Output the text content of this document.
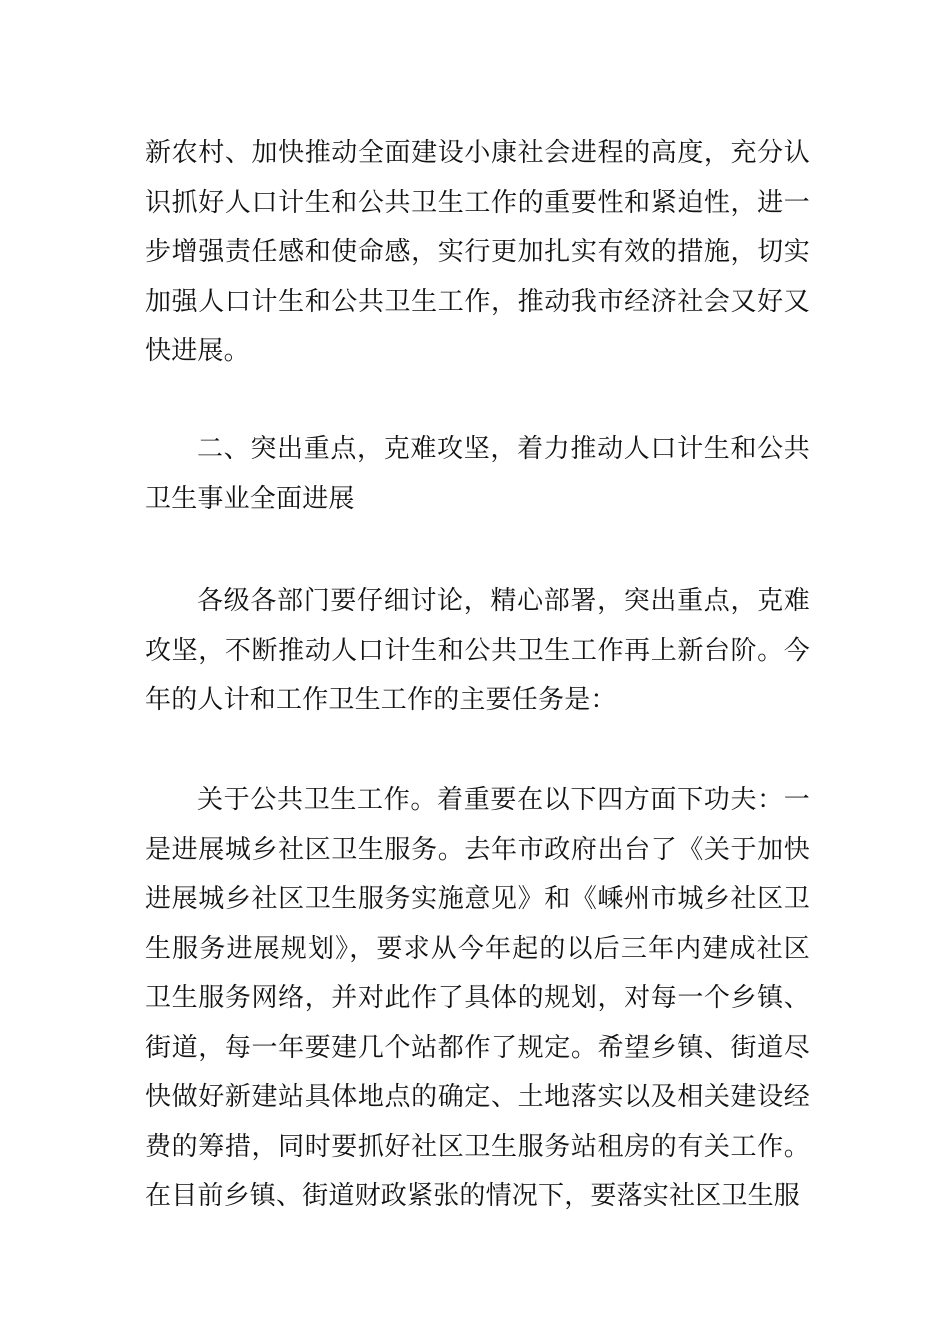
新农村、加快推动全面建设小康社会进程的高度，充分认识抓好人口计生和公共卫生工作的重要性和紧迫性，进一步增强责任感和使命感，实行更加扎实有效的措施，切实加强人口计生和公共卫生工作，推动我市经济社会又好又快进展。

二、突出重点，克难攻坚，着力推动人口计生和公共卫生事业全面进展

各级各部门要仔细讨论，精心部署，突出重点，克难攻坚，不断推动人口计生和公共卫生工作再上新台阶。今年的人计和工作卫生工作的主要任务是：

关于公共卫生工作。着重要在以下四方面下功夫：一是进展城乡社区卫生服务。去年市政府出台了《关于加快进展城乡社区卫生服务实施意见》和《嵊州市城乡社区卫生服务进展规划》，要求从今年起的以后三年内建成社区卫生服务网络，并对此作了具体的规划，对每一个乡镇、街道，每一年要建几个站都作了规定。希望乡镇、街道尽快做好新建站具体地点的确定、土地落实以及相关建设经费的筹措，同时要抓好社区卫生服务站租房的有关工作。在目前乡镇、街道财政紧张的情况下，要落实社区卫生服
